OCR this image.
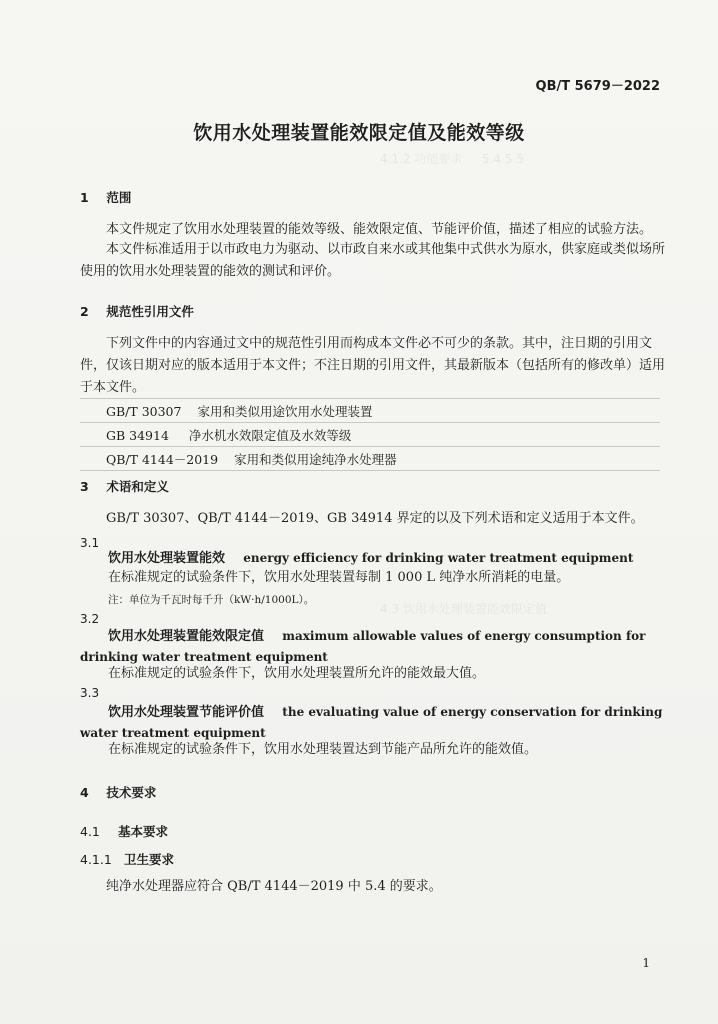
4.1.2 功能要求 　 5.4 5.5
4.3 饮用水处理装置能效限定值
QB/T 5679－2022
饮用水处理装置能效限定值及能效等级
1 范围
本文件规定了饮用水处理装置的能效等级、能效限定值、节能评价值，描述了相应的试验方法。
本文件标准适用于以市政电力为驱动、以市政自来水或其他集中式供水为原水，供家庭或类似场所使用的饮用水处理装置的能效的测试和评价。
2 规范性引用文件
下列文件中的内容通过文中的规范性引用而构成本文件必不可少的条款。其中，注日期的引用文件，仅该日期对应的版本适用于本文件；不注日期的引用文件，其最新版本（包括所有的修改单）适用于本文件。
GB/T 30307 家用和类似用途饮用水处理装置
GB 34914 净水机水效限定值及水效等级
QB/T 4144－2019 家用和类似用途纯净水处理器
3 术语和定义
GB/T 30307、QB/T 4144－2019、GB 34914 界定的以及下列术语和定义适用于本文件。
3.1
饮用水处理装置能效 energy efficiency for drinking water treatment equipment
在标准规定的试验条件下，饮用水处理装置每制 1 000 L 纯净水所消耗的电量。
注：单位为千瓦时每千升（kW·h/1000L）。
3.2
饮用水处理装置能效限定值 maximum allowable values of energy consumption for drinking water treatment equipment
在标准规定的试验条件下，饮用水处理装置所允许的能效最大值。
3.3
饮用水处理装置节能评价值 the evaluating value of energy conservation for drinking water treatment equipment
在标准规定的试验条件下，饮用水处理装置达到节能产品所允许的能效值。
4 技术要求
4.1 基本要求
4.1.1 卫生要求
纯净水处理器应符合 QB/T 4144－2019 中 5.4 的要求。
1
